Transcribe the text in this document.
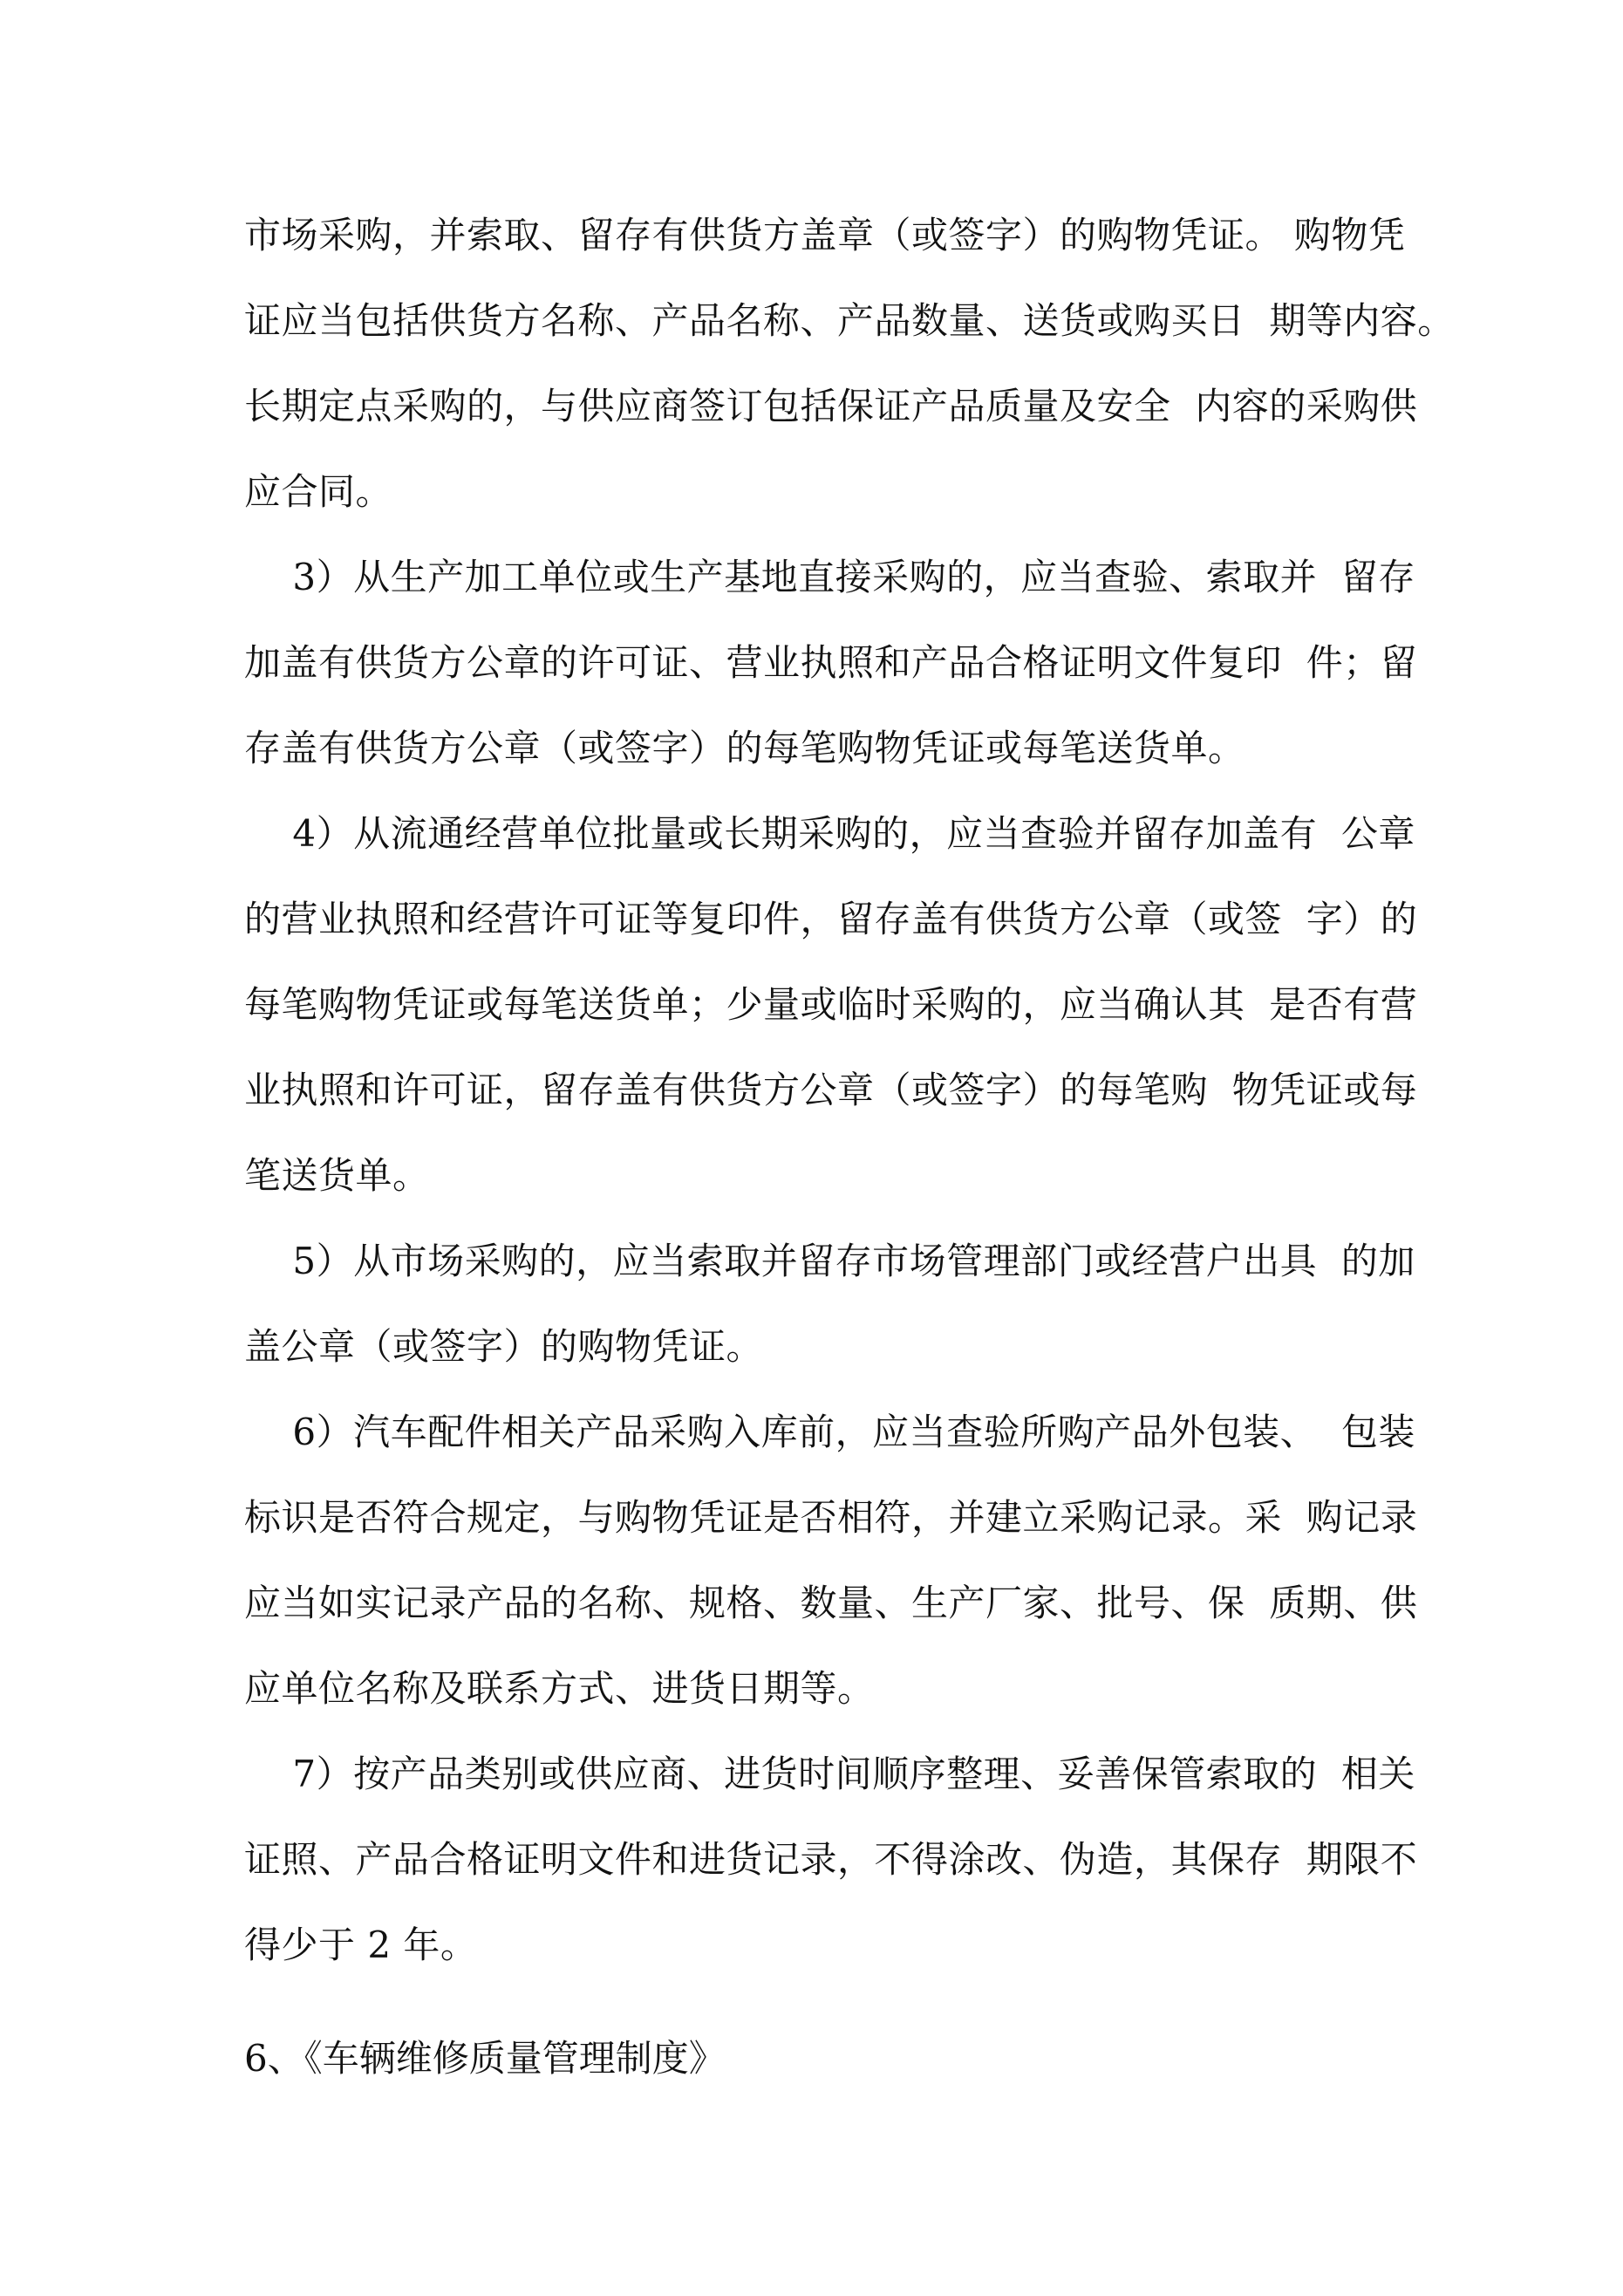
市场采购，并索取、留存有供货方盖章（或签字）的购物凭证。 购物凭
证应当包括供货方名称、产品名称、产品数量、送货或购买日  期等内容。
长期定点采购的，与供应商签订包括保证产品质量及安全  内容的采购供
应合同。
3）从生产加工单位或生产基地直接采购的，应当查验、索取并  留存
加盖有供货方公章的许可证、营业执照和产品合格证明文件复印  件；留
存盖有供货方公章（或签字）的每笔购物凭证或每笔送货单。
4）从流通经营单位批量或长期采购的，应当查验并留存加盖有  公章
的营业执照和经营许可证等复印件，留存盖有供货方公章（或签  字）的
每笔购物凭证或每笔送货单；少量或临时采购的，应当确认其  是否有营
业执照和许可证，留存盖有供货方公章（或签字）的每笔购  物凭证或每
笔送货单。
5）从市场采购的，应当索取并留存市场管理部门或经营户出具  的加
盖公章（或签字）的购物凭证。
6）汽车配件相关产品采购入库前，应当查验所购产品外包装、  包装
标识是否符合规定，与购物凭证是否相符，并建立采购记录。采  购记录
应当如实记录产品的名称、规格、数量、生产厂家、批号、保  质期、供
应单位名称及联系方式、进货日期等。
7）按产品类别或供应商、进货时间顺序整理、妥善保管索取的  相关
证照、产品合格证明文件和进货记录，不得涂改、伪造，其保存  期限不
得少于 2 年。
6、《车辆维修质量管理制度》
